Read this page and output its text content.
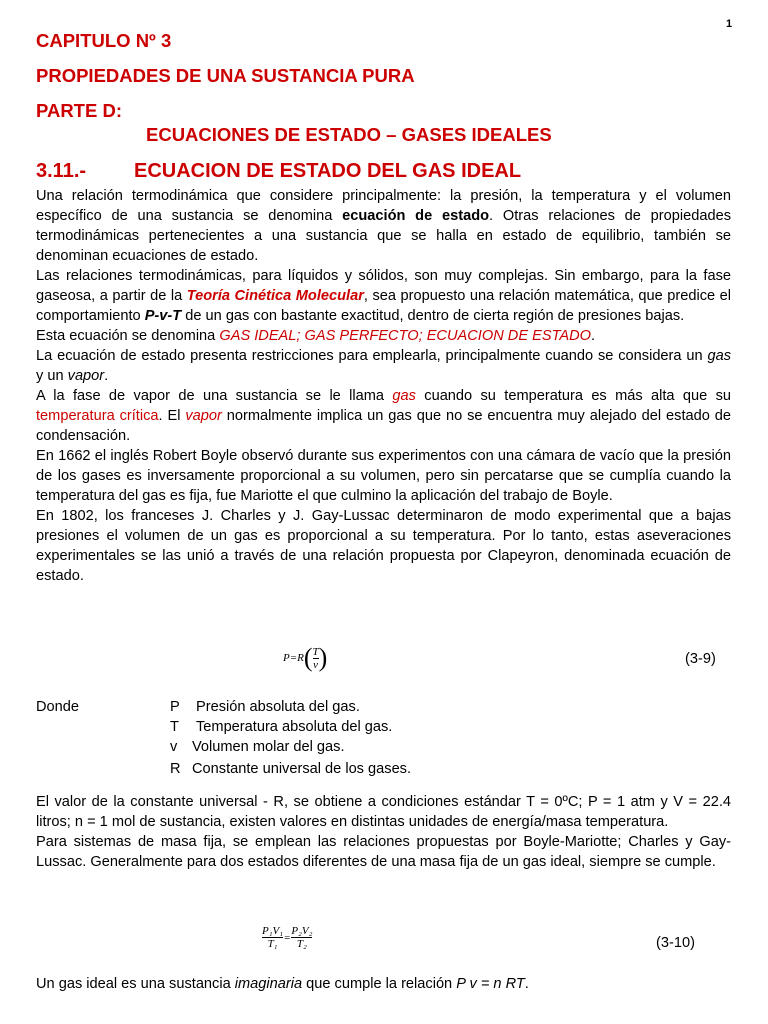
1
CAPITULO Nº 3
PROPIEDADES DE UNA SUSTANCIA PURA
PARTE D:
ECUACIONES DE ESTADO – GASES IDEALES
3.11.- ECUACION DE ESTADO DEL GAS IDEAL

Una relación termodinámica que considere principalmente: la presión, la temperatura y el volumen específico de una sustancia se denomina ecuación de estado. Otras relaciones de propiedades termodinámicas pertenecientes a una sustancia que se halla en estado de equilibrio, también se denominan ecuaciones de estado.

Las relaciones termodinámicas, para líquidos y sólidos, son muy complejas. Sin embargo, para la fase gaseosa, a partir de la Teoría Cinética Molecular, sea propuesto una relación matemática, que predice el comportamiento P-v-T de un gas con bastante exactitud, dentro de cierta región de presiones bajas.

Esta ecuación se denomina GAS IDEAL; GAS PERFECTO; ECUACION DE ESTADO.

La ecuación de estado presenta restricciones para emplearla, principalmente cuando se considera un gas y un vapor.

A la fase de vapor de una sustancia se le llama gas cuando su temperatura es más alta que su temperatura crítica. El vapor normalmente implica un gas que no se encuentra muy alejado del estado de condensación.

En 1662 el inglés Robert Boyle observó durante sus experimentos con una cámara de vacío que la presión de los gases es inversamente proporcional a su volumen, pero sin percatarse que se cumplía cuando la temperatura del gas es fija, fue Mariotte el que culmino la aplicación del trabajo de Boyle.

En 1802, los franceses J. Charles y J. Gay-Lussac determinaron de modo experimental que a bajas presiones el volumen de un gas es proporcional a su temperatura. Por lo tanto, estas aseveraciones experimentales se las unió a través de una relación propuesta por Clapeyron, denominada ecuación de estado.

$P=R( \frac{T}{v}$ )	(3-9)
Donde	P Presión absoluta del gas.
T Temperatura absoluta del gas.
v Volumen molar del gas.
R Constante universal de los gases.

El valor de la constante universal - R, se obtiene a condiciones estándar T = 0ºC; P = 1 atm y V = 22.4 litros; n = 1 mol de sustancia, existen valores en distintas unidades de energía/masa temperatura.

Para sistemas de masa fija, se emplean las relaciones propuestas por Boyle-Mariotte; Charles y Gay-Lussac. Generalmente para dos estados diferentes de una masa fija de un gas ideal, siempre se cumple.

$\frac{\text{P₁V₁}}{\text{T₁}} = \frac{\text{P₂V₂}}{\text{T₂}}$	(3-10)

Un gas ideal es una sustancia imaginaria que cumple la relación P v = n RT.
